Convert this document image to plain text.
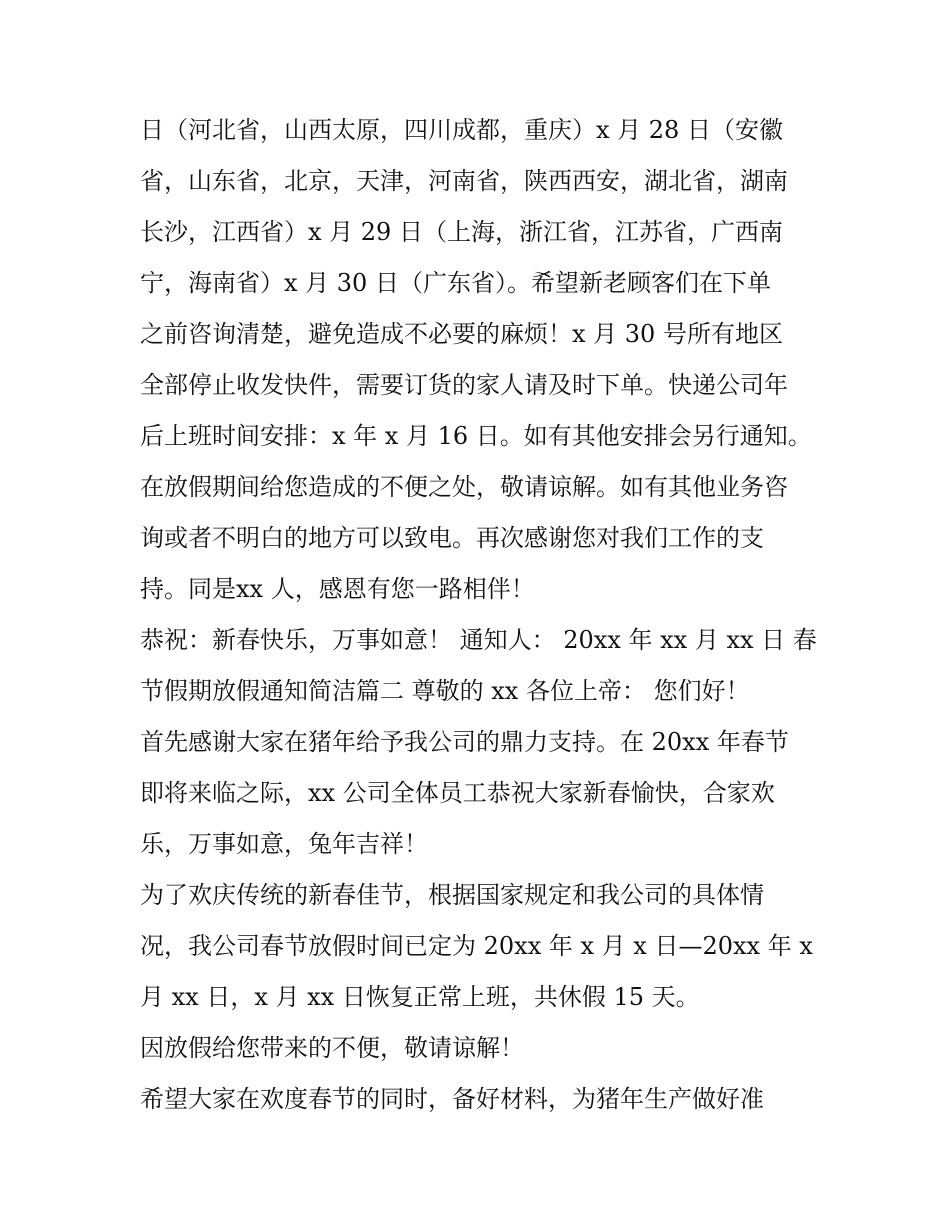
日（河北省，山西太原，四川成都，重庆）x 月 28 日（安徽
省，山东省，北京，天津，河南省，陕西西安，湖北省，湖南
长沙，江西省）x 月 29 日（上海，浙江省，江苏省，广西南
宁，海南省）x 月 30 日（广东省）。希望新老顾客们在下单
之前咨询清楚，避免造成不必要的麻烦！x 月 30 号所有地区
全部停止收发快件，需要订货的家人请及时下单。快递公司年
后上班时间安排：x 年 x 月 16 日。如有其他安排会另行通知。
在放假期间给您造成的不便之处，敬请谅解。如有其他业务咨
询或者不明白的地方可以致电。再次感谢您对我们工作的支
持。同是xx 人，感恩有您一路相伴！
恭祝：新春快乐，万事如意！ 通知人： 20xx 年 xx 月 xx 日 春
节假期放假通知简洁篇二 尊敬的 xx 各位上帝： 您们好！
首先感谢大家在猪年给予我公司的鼎力支持。在 20xx 年春节
即将来临之际，xx 公司全体员工恭祝大家新春愉快，合家欢
乐，万事如意，兔年吉祥！
为了欢庆传统的新春佳节，根据国家规定和我公司的具体情
况，我公司春节放假时间已定为 20xx 年 x 月 x 日—20xx 年 x
月 xx 日，x 月 xx 日恢复正常上班，共休假 15 天。
因放假给您带来的不便，敬请谅解！
希望大家在欢度春节的同时，备好材料，为猪年生产做好准
